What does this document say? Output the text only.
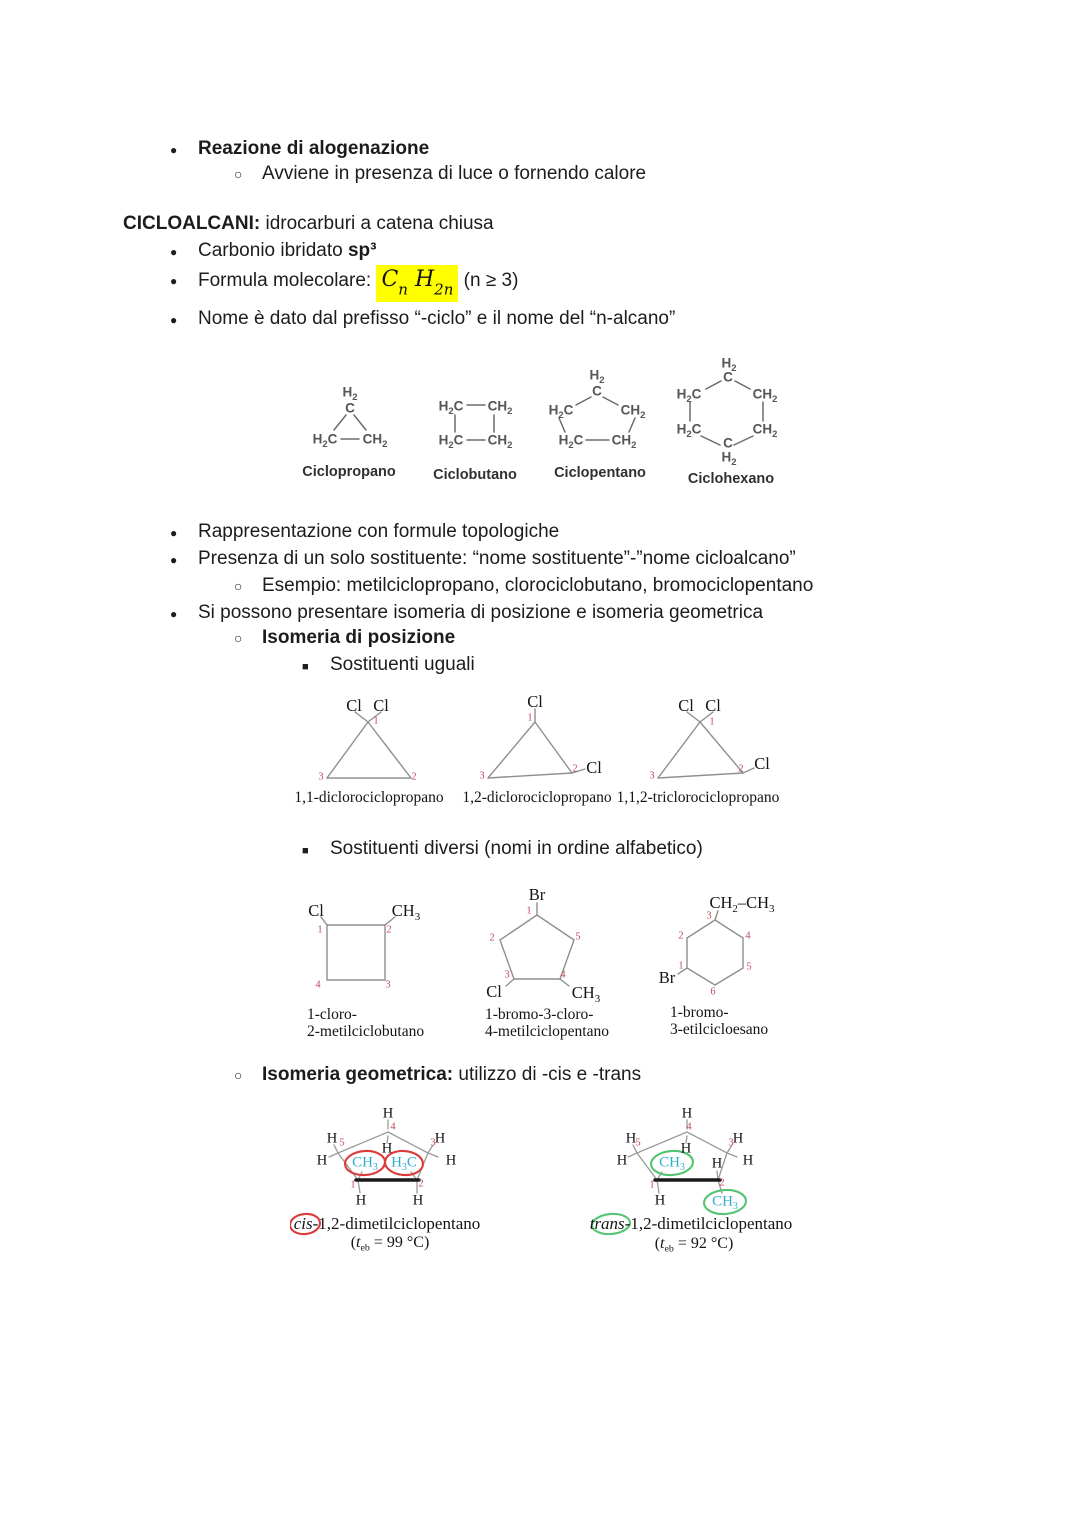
● Reazione di alogenazione
○ Avviene in presenza di luce o fornendo calore
CICLOALCANI: idrocarburi a catena chiusa
● Carbonio ibridato sp³
● Formula molecolare: $C_n$ $H_{2n}$ (n ≥ 3)
● Nome è dato dal prefisso “-ciclo” e il nome del “n-alcano”
$H_2$
C
$H_2C$ $CH_2$
Ciclopropano
$H_2C$ $CH_2$
$H_2C$ $CH_2$
Ciclobutano
$H_2$
C
$H_2C$	$CH_2$
$H_2C$ $CH_2$
Ciclopentano
$H_2$
C
$H_2C$	$CH_2$
$H_2C$	$CH_2$
C
$H_2$
Ciclohexano
● Rappresentazione con formule topologiche
● Presenza di un solo sostituente: “nome sostituente”-”nome cicloalcano”
○ Esempio: metilciclopropano, clorociclobutano, bromociclopentano
● Si possono presentare isomeria di posizione e isomeria geometrica
○ Isomeria di posizione
■ Sostituenti uguali
Cl Cl
1
2
3
1,1-diclorociclopropano
Cl
1
Cl
2
3
1,2-diclorociclopropano
Cl Cl
1
Cl
2
3
1,1,2-triclorociclopropano
■ Sostituenti diversi (nomi in ordine alfabetico)
Cl	$CH_3$
1	2
3
4
1-cloro-
2-metilciclobutano
Br
1
2	5
3	4
Cl	$CH_3$
1-bromo-3-cloro-
4-metilciclopentano
$CH_2-CH_3$
3
2	4
1	5
6
Br
1-bromo-
3-etilcicloesano
○ Isomeria geometrica: utilizzo di -cis e -trans
H
4
H
H 5
H
H
3
H
$CH_3$ $H_3C$
1	2
H	H
cis-1,2-dimetilciclopentano
($t_{eb} = 99$ °C)
H
4
H
H 5
H
H
3
H
$CH_3$ H
1	2
H	$CH_3$
trans-1,2-dimetilciclopentano
($t_{eb} = 92$ °C)
